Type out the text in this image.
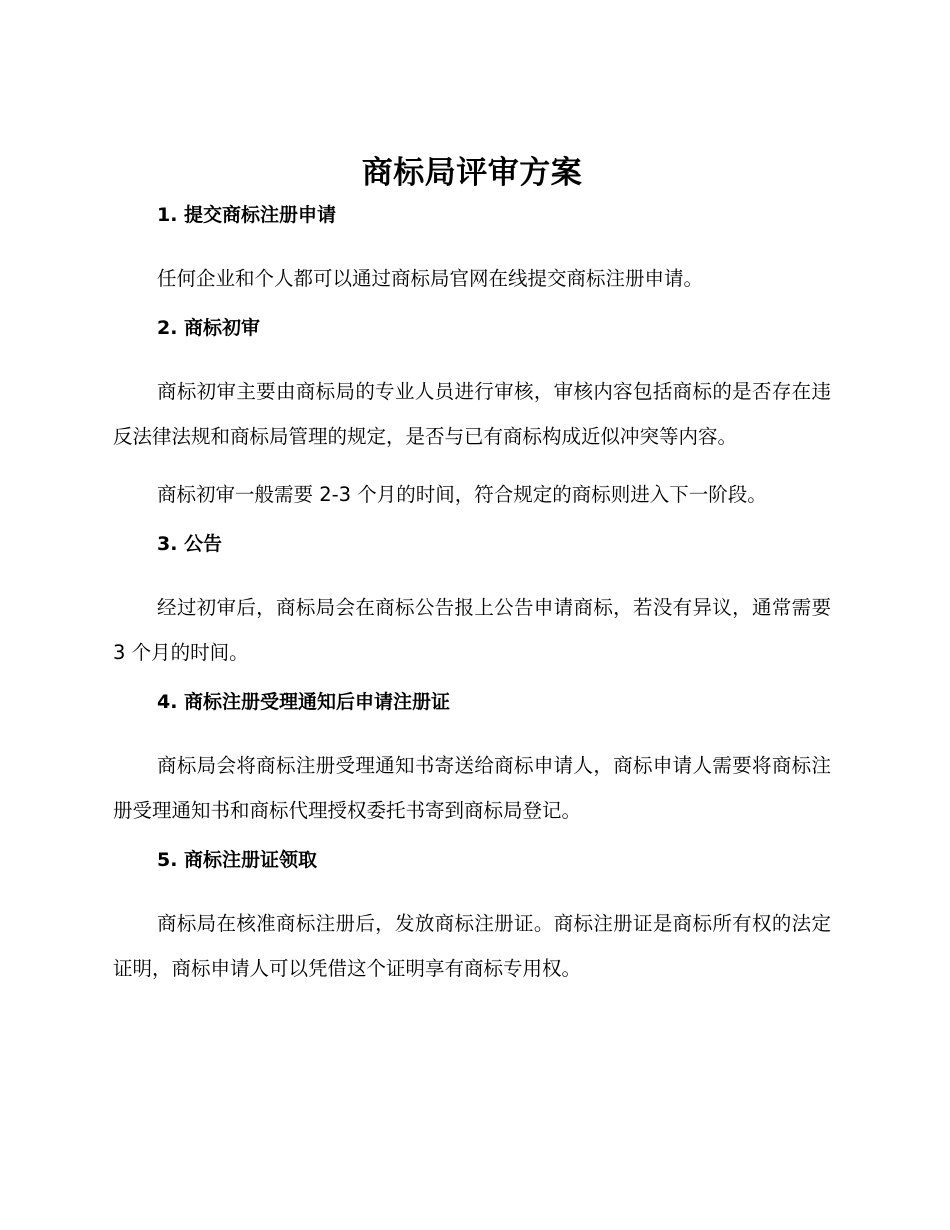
商标局评审方案
1. 提交商标注册申请

任何企业和个人都可以通过商标局官网在线提交商标注册申请。

2. 商标初审

商标初审主要由商标局的专业人员进行审核，审核内容包括商标的是否存在违反法律法规和商标局管理的规定，是否与已有商标构成近似冲突等内容。

商标初审一般需要 2-3 个月的时间，符合规定的商标则进入下一阶段。

3. 公告

经过初审后，商标局会在商标公告报上公告申请商标，若没有异议，通常需要 3 个月的时间。

4. 商标注册受理通知后申请注册证

商标局会将商标注册受理通知书寄送给商标申请人，商标申请人需要将商标注册受理通知书和商标代理授权委托书寄到商标局登记。

5. 商标注册证领取

商标局在核准商标注册后，发放商标注册证。商标注册证是商标所有权的法定证明，商标申请人可以凭借这个证明享有商标专用权。
